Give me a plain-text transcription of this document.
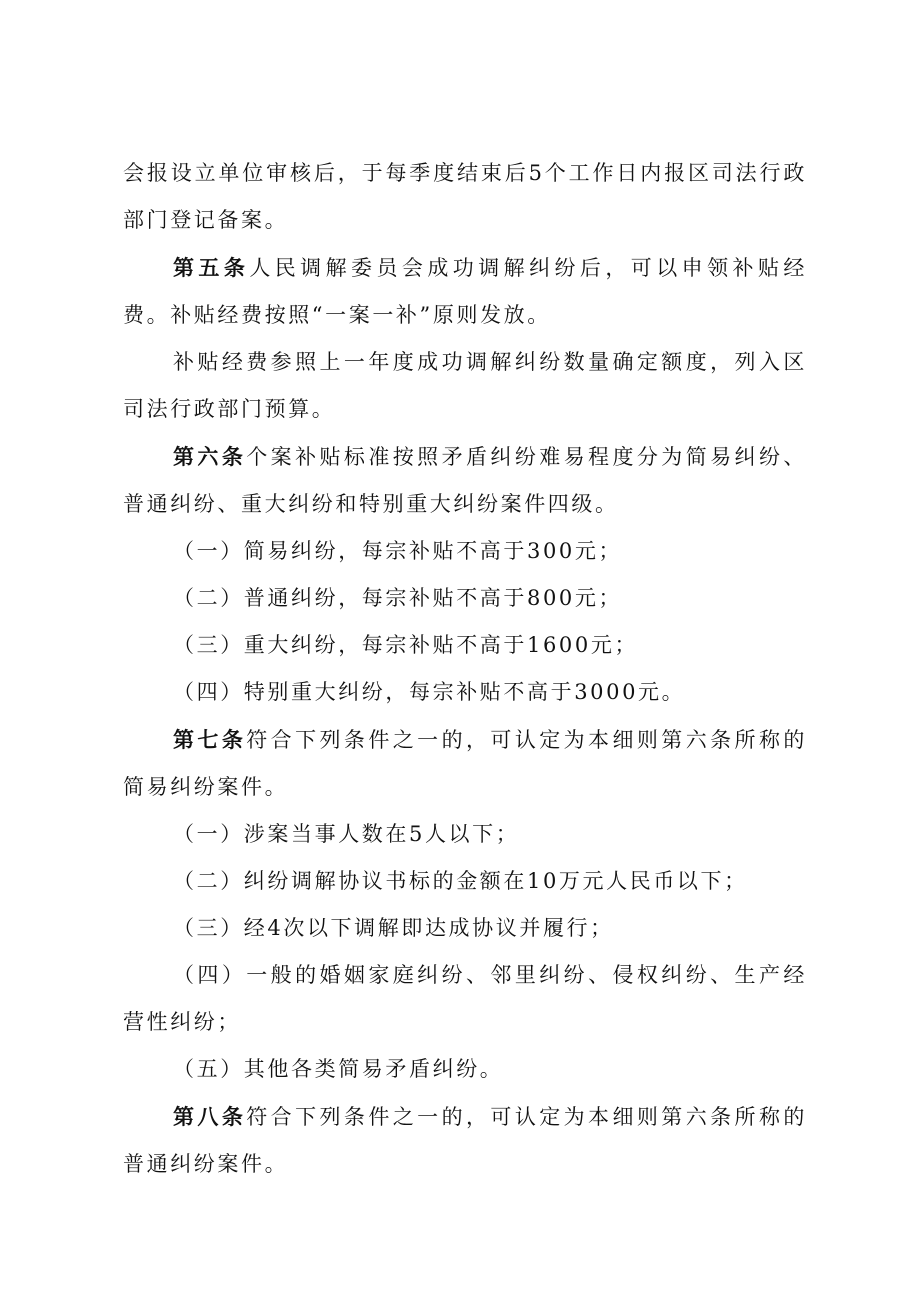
会报设立单位审核后，于每季度结束后5个工作日内报区司法行政部门登记备案。

第五条人民调解委员会成功调解纠纷后，可以申领补贴经费。补贴经费按照“一案一补”原则发放。

补贴经费参照上一年度成功调解纠纷数量确定额度，列入区司法行政部门预算。

第六条个案补贴标准按照矛盾纠纷难易程度分为简易纠纷、普通纠纷、重大纠纷和特别重大纠纷案件四级。

（一）简易纠纷，每宗补贴不高于300元；

（二）普通纠纷，每宗补贴不高于800元；

（三）重大纠纷，每宗补贴不高于1600元；

（四）特别重大纠纷，每宗补贴不高于3000元。

第七条符合下列条件之一的，可认定为本细则第六条所称的简易纠纷案件。

（一）涉案当事人数在5人以下；

（二）纠纷调解协议书标的金额在10万元人民币以下；

（三）经4次以下调解即达成协议并履行；

（四）一般的婚姻家庭纠纷、邻里纠纷、侵权纠纷、生产经营性纠纷；

（五）其他各类简易矛盾纠纷。

第八条符合下列条件之一的，可认定为本细则第六条所称的普通纠纷案件。
